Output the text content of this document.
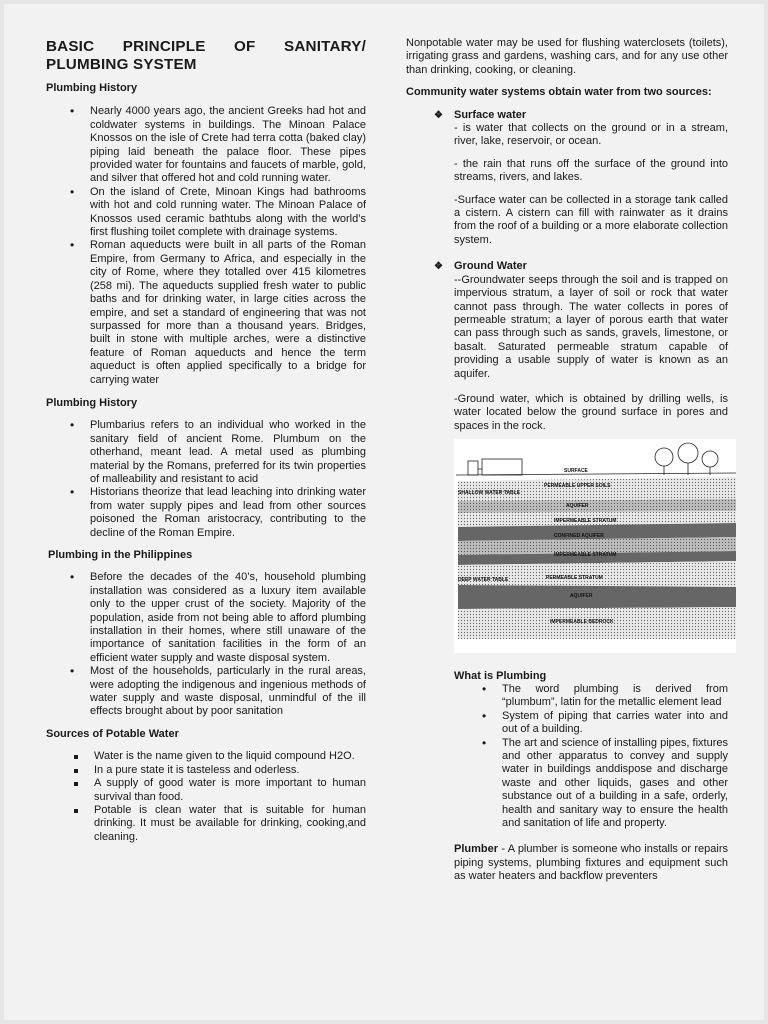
BASIC PRINCIPLE OF SANITARY/
PLUMBING SYSTEM
Plumbing History
• Nearly 4000 years ago, the ancient Greeks had hot and coldwater systems in buildings. The Minoan Palace Knossos on the isle of Crete had terra cotta (baked clay) piping laid beneath the palace floor. These pipes provided water for fountains and faucets of marble, gold, and silver that offered hot and cold running water.
• On the island of Crete, Minoan Kings had bathrooms with hot and cold running water. The Minoan Palace of Knossos used ceramic bathtubs along with the world’s first flushing toilet complete with drainage systems.
• Roman aqueducts were built in all parts of the Roman Empire, from Germany to Africa, and especially in the city of Rome, where they totalled over 415 kilometres (258 mi). The aqueducts supplied fresh water to public baths and for drinking water, in large cities across the empire, and set a standard of engineering that was not surpassed for more than a thousand years. Bridges, built in stone with multiple arches, were a distinctive feature of Roman aqueducts and hence the term aqueduct is often applied specifically to a bridge for carrying water
Plumbing History
• Plumbarius refers to an individual who worked in the sanitary field of ancient Rome. Plumbum on the otherhand, meant lead. A metal used as plumbing material by the Romans, preferred for its twin properties of malleability and resistant to acid
• Historians theorize that lead leaching into drinking water from water supply pipes and lead from other sources poisoned the Roman aristocracy, contributing to the decline of the Roman Empire.
Plumbing in the Philippines
• Before the decades of the 40’s, household plumbing installation was considered as a luxury item available only to the upper crust of the society. Majority of the population, aside from not being able to afford plumbing installation in their homes, where still unaware of the importance of sanitation facilities in the form of an efficient water supply and waste disposal system.
• Most of the households, particularly in the rural areas, were adopting the indigenous and ingenious methods of water supply and waste disposal, unmindful of the ill effects brought about by poor sanitation
Sources of Potable Water
Water is the name given to the liquid compound H2O.
In a pure state it is tasteless and oderless.
A supply of good water is more important to human survival than food.
Potable is clean water that is suitable for human drinking. It must be available for drinking, cooking,and cleaning.

Nonpotable water may be used for flushing waterclosets (toilets), irrigating grass and gardens, washing cars, and for any use other than drinking, cooking, or cleaning.

Community water systems obtain water from two sources:

❖ Surface water

- is water that collects on the ground or in a stream, river, lake, reservoir, or ocean.

- the rain that runs off the surface of the ground into streams, rivers, and lakes.

-Surface water can be collected in a storage tank called a cistern. A cistern can fill with rainwater as it drains from the roof of a building or a more elaborate collection system.

❖ Ground Water

--Groundwater seeps through the soil and is trapped on impervious stratum, a layer of soil or rock that water cannot pass through. The water collects in pores of permeable stratum; a layer of porous earth that water can pass through such as sands, gravels, limestone, or basalt. Saturated permeable stratum capable of providing a usable supply of water is known as an aquifer.

-Ground water, which is obtained by drilling wells, is water located below the ground surface in pores and spaces in the rock.

SURFACE
PERMEABLE UPPER SOILS
SHALLOW WATER TABLE
AQUIFER
IMPERMEABLE STRATUM
CONFINED AQUIFER
IMPERMEABLE STRATUM
DEEP WATER TABLE	PERMEABLE STRATUM
AQUIFER
IMPERMEABLE BEDROCK
What is Plumbing
• The word plumbing is derived from “plumbum”, latin for the metallic element lead
• System of piping that carries water into and out of a building.
• The art and science of installing pipes, fixtures and other apparatus to convey and supply water in buildings anddispose and discharge waste and other liquids, gases and other substance out of a building in a safe, orderly, health and sanitary way to ensure the health and sanitation of life and property.

Plumber - A plumber is someone who installs or repairs piping systems, plumbing fixtures and equipment such as water heaters and backflow preventers
